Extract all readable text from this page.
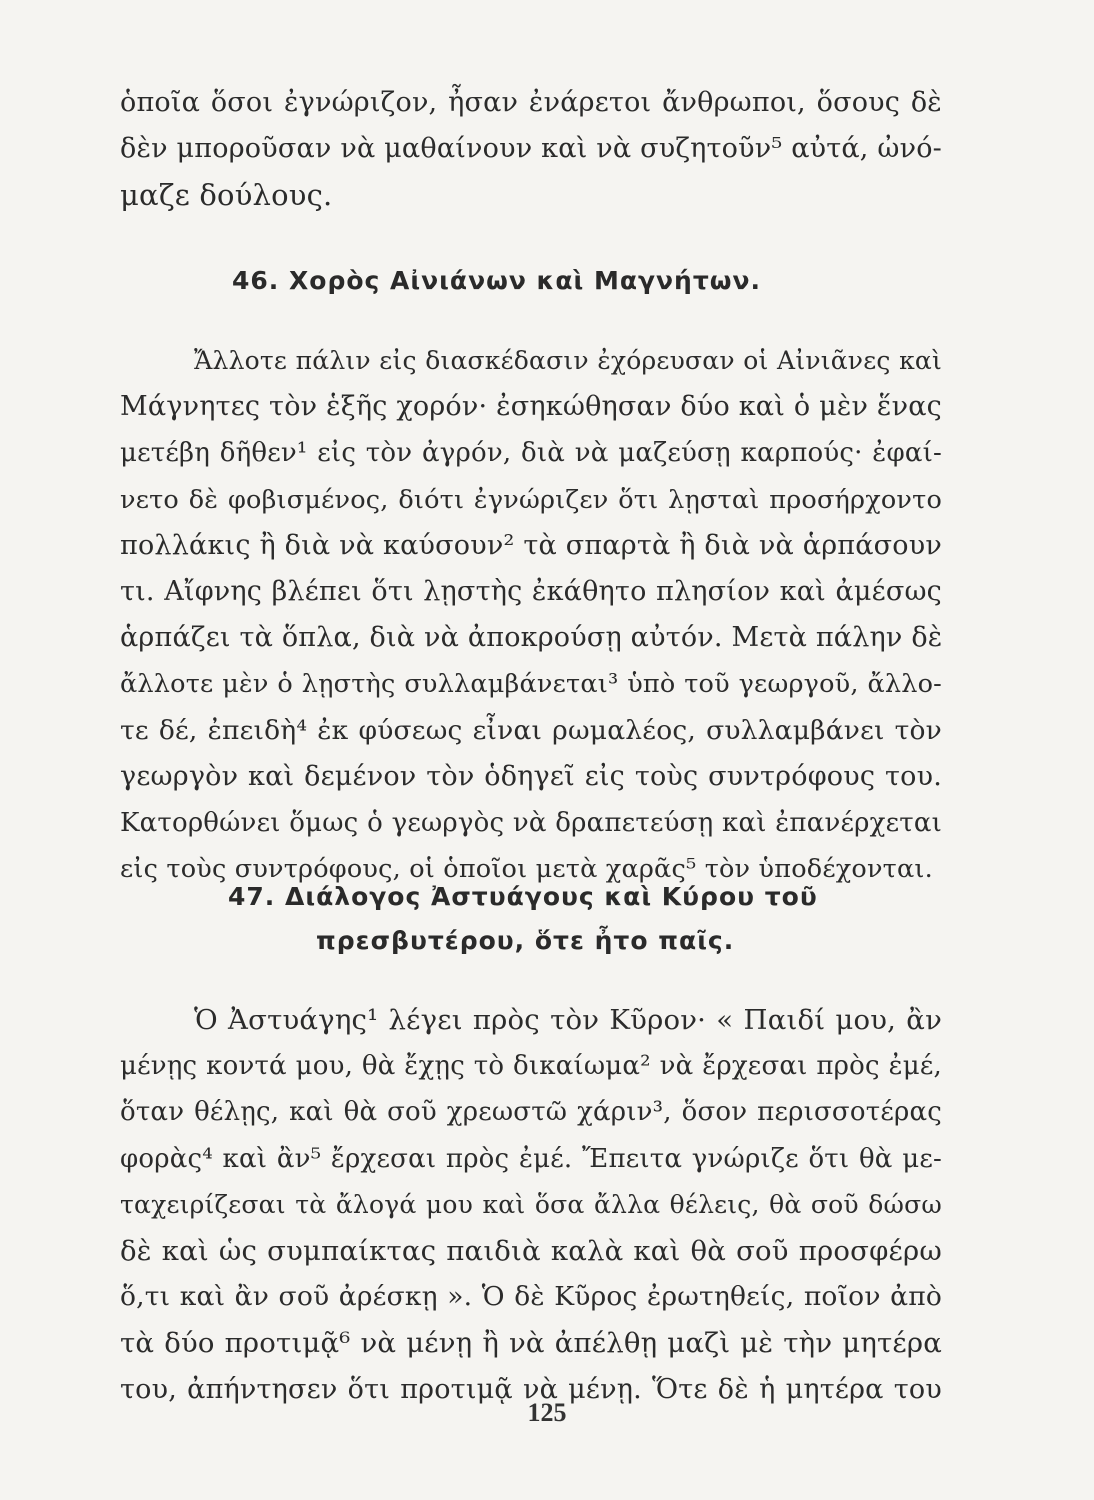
ὁποῖα ὅσοι ἐγνώριζον, ἦσαν ἐνάρετοι ἄνθρωποι, ὅσους δὲ
δὲν μποροῦσαν νὰ μαθαίνουν καὶ νὰ συζητοῦν⁵ αὐτά, ὠνό-
μαζε δούλους.
46. Χορὸς Αἰνιάνων καὶ Μαγνήτων.
Ἄλλοτε πάλιν εἰς διασκέδασιν ἐχόρευσαν οἱ Αἰνιᾶνες καὶ
Μάγνητες τὸν ἑξῆς χορόν· ἐσηκώθησαν δύο καὶ ὁ μὲν ἕνας
μετέβη δῆθεν¹ εἰς τὸν ἀγρόν, διὰ νὰ μαζεύσῃ καρπούς· ἐφαί-
νετο δὲ φοβισμένος, διότι ἐγνώριζεν ὅτι λῃσταὶ προσήρχοντο
πολλάκις ἢ διὰ νὰ καύσουν² τὰ σπαρτὰ ἢ διὰ νὰ ἁρπάσουν
τι. Αἴφνης βλέπει ὅτι λῃστὴς ἐκάθητο πλησίον καὶ ἀμέσως
ἁρπάζει τὰ ὅπλα, διὰ νὰ ἀποκρούσῃ αὐτόν. Μετὰ πάλην δὲ
ἄλλοτε μὲν ὁ λῃστὴς συλλαμβάνεται³ ὑπὸ τοῦ γεωργοῦ, ἄλλο-
τε δέ, ἐπειδὴ⁴ ἐκ φύσεως εἶναι ρωμαλέος, συλλαμβάνει τὸν
γεωργὸν καὶ δεμένον τὸν ὁδηγεῖ εἰς τοὺς συντρόφους του.
Κατορθώνει ὅμως ὁ γεωργὸς νὰ δραπετεύσῃ καὶ ἐπανέρχεται
εἰς τοὺς συντρόφους, οἱ ὁποῖοι μετὰ χαρᾶς⁵ τὸν ὑποδέχονται.
47. Διάλογος Ἀστυάγους καὶ Κύρου τοῦ
πρεσβυτέρου, ὅτε ἦτο παῖς.
Ὁ Ἀστυάγης¹ λέγει πρὸς τὸν Κῦρον· « Παιδί μου, ἂν
μένῃς κοντά μου, θὰ ἔχῃς τὸ δικαίωμα² νὰ ἔρχεσαι πρὸς ἐμέ,
ὅταν θέλῃς, καὶ θὰ σοῦ χρεωστῶ χάριν³, ὅσον περισσοτέρας
φορὰς⁴ καὶ ἂν⁵ ἔρχεσαι πρὸς ἐμέ. Ἔπειτα γνώριζε ὅτι θὰ με-
ταχειρίζεσαι τὰ ἄλογά μου καὶ ὅσα ἄλλα θέλεις, θὰ σοῦ δώσω
δὲ καὶ ὡς συμπαίκτας παιδιὰ καλὰ καὶ θὰ σοῦ προσφέρω
ὅ,τι καὶ ἂν σοῦ ἀρέσκῃ ». Ὁ δὲ Κῦρος ἐρωτηθείς, ποῖον ἀπὸ
τὰ δύο προτιμᾷ⁶ νὰ μένῃ ἢ νὰ ἀπέλθῃ μαζὶ μὲ τὴν μητέρα
του, ἀπήντησεν ὅτι προτιμᾷ νὰ μένῃ. Ὅτε δὲ ἡ μητέρα του
125
